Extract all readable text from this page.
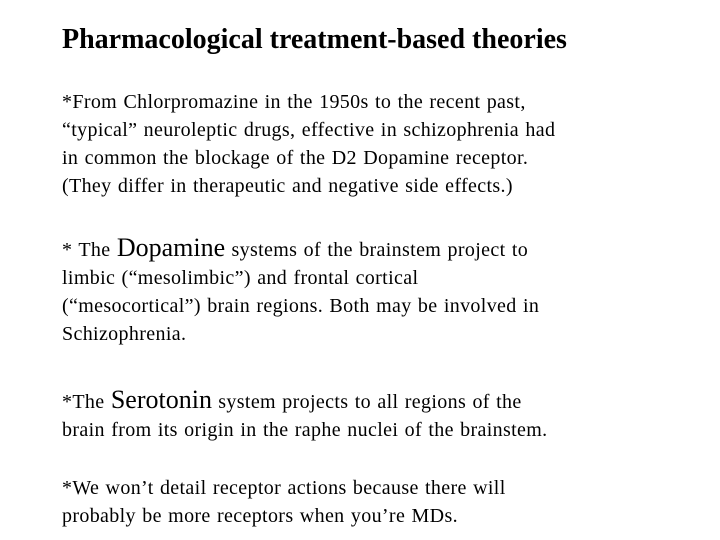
Pharmacological treatment-based theories

*From Chlorpromazine in the 1950s to the recent past,
“typical” neuroleptic drugs, effective in schizophrenia had
in common the blockage of the D2 Dopamine receptor.
(They differ in therapeutic and negative side effects.)

* The Dopamine systems of the brainstem project to
limbic (“mesolimbic”) and frontal cortical
(“mesocortical”) brain regions. Both may be involved in
Schizophrenia.

*The Serotonin system projects to all regions of the
brain from its origin in the raphe nuclei of the brainstem.

*We won’t detail receptor actions because there will
probably be more receptors when you’re MDs.
